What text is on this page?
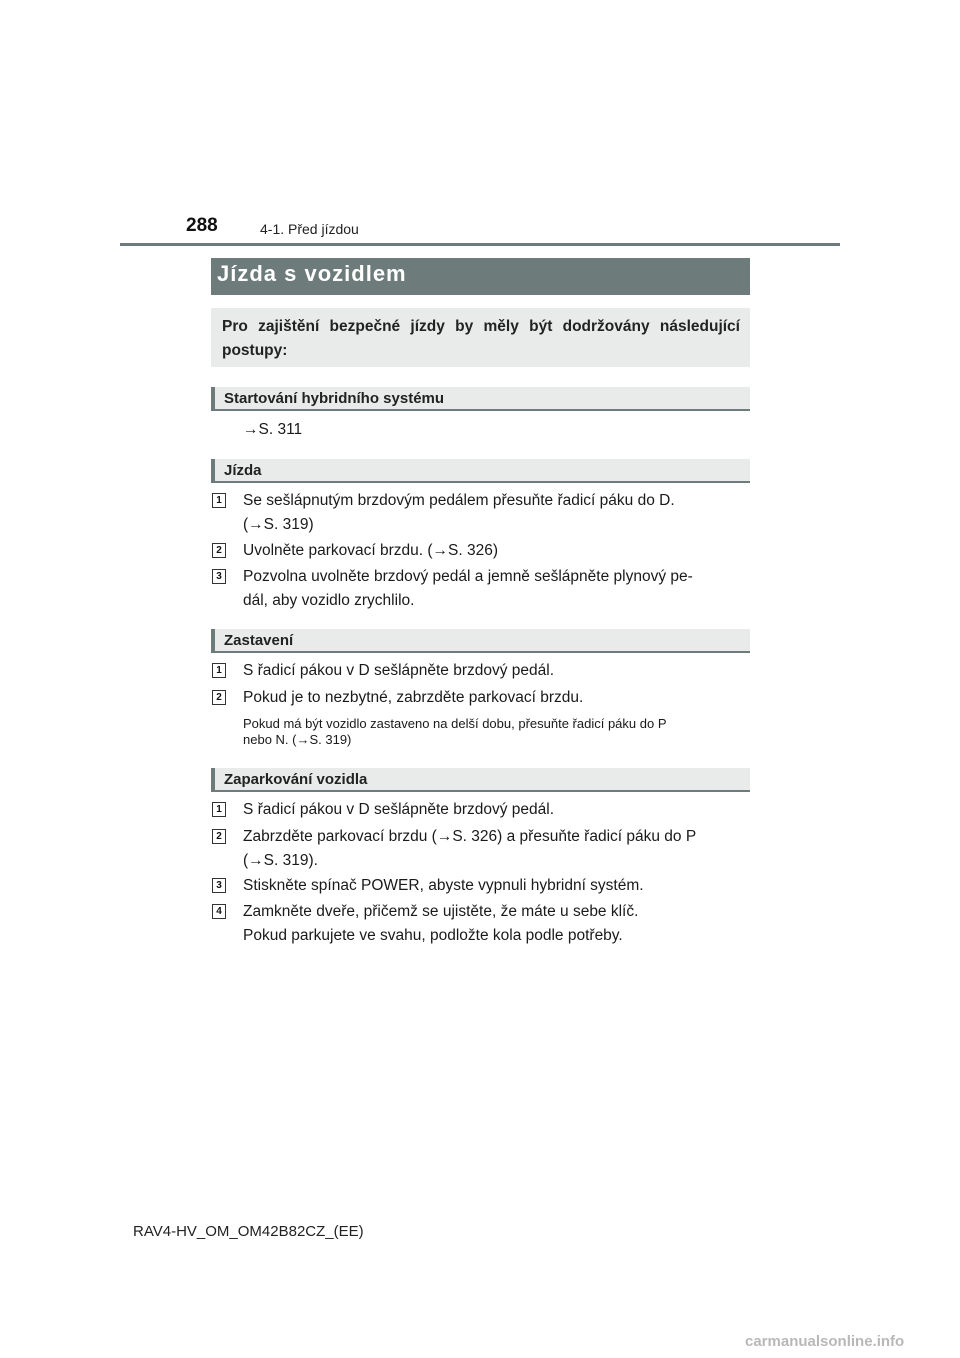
288	4-1. Před jízdou
Jízda s vozidlem
Pro zajištění bezpečné jízdy by měly být dodržovány následující postupy:
Startování hybridního systému
→S. 311
Jízda
1 Se sešlápnutým brzdovým pedálem přesuňte řadicí páku do D.
(→S. 319)
2 Uvolněte parkovací brzdu. (→S. 326)
3 Pozvolna uvolněte brzdový pedál a jemně sešlápněte plynový pe-
dál, aby vozidlo zrychlilo.
Zastavení
1 S řadicí pákou v D sešlápněte brzdový pedál.
2 Pokud je to nezbytné, zabrzděte parkovací brzdu.
Pokud má být vozidlo zastaveno na delší dobu, přesuňte řadicí páku do P
nebo N. (→S. 319)
Zaparkování vozidla
1 S řadicí pákou v D sešlápněte brzdový pedál.
2 Zabrzděte parkovací brzdu (→S. 326) a přesuňte řadicí páku do P
(→S. 319).
3 Stiskněte spínač POWER, abyste vypnuli hybridní systém.
4 Zamkněte dveře, přičemž se ujistěte, že máte u sebe klíč.
Pokud parkujete ve svahu, podložte kola podle potřeby.
RAV4-HV_OM_OM42B82CZ_(EE)
carmanualsonline.info
